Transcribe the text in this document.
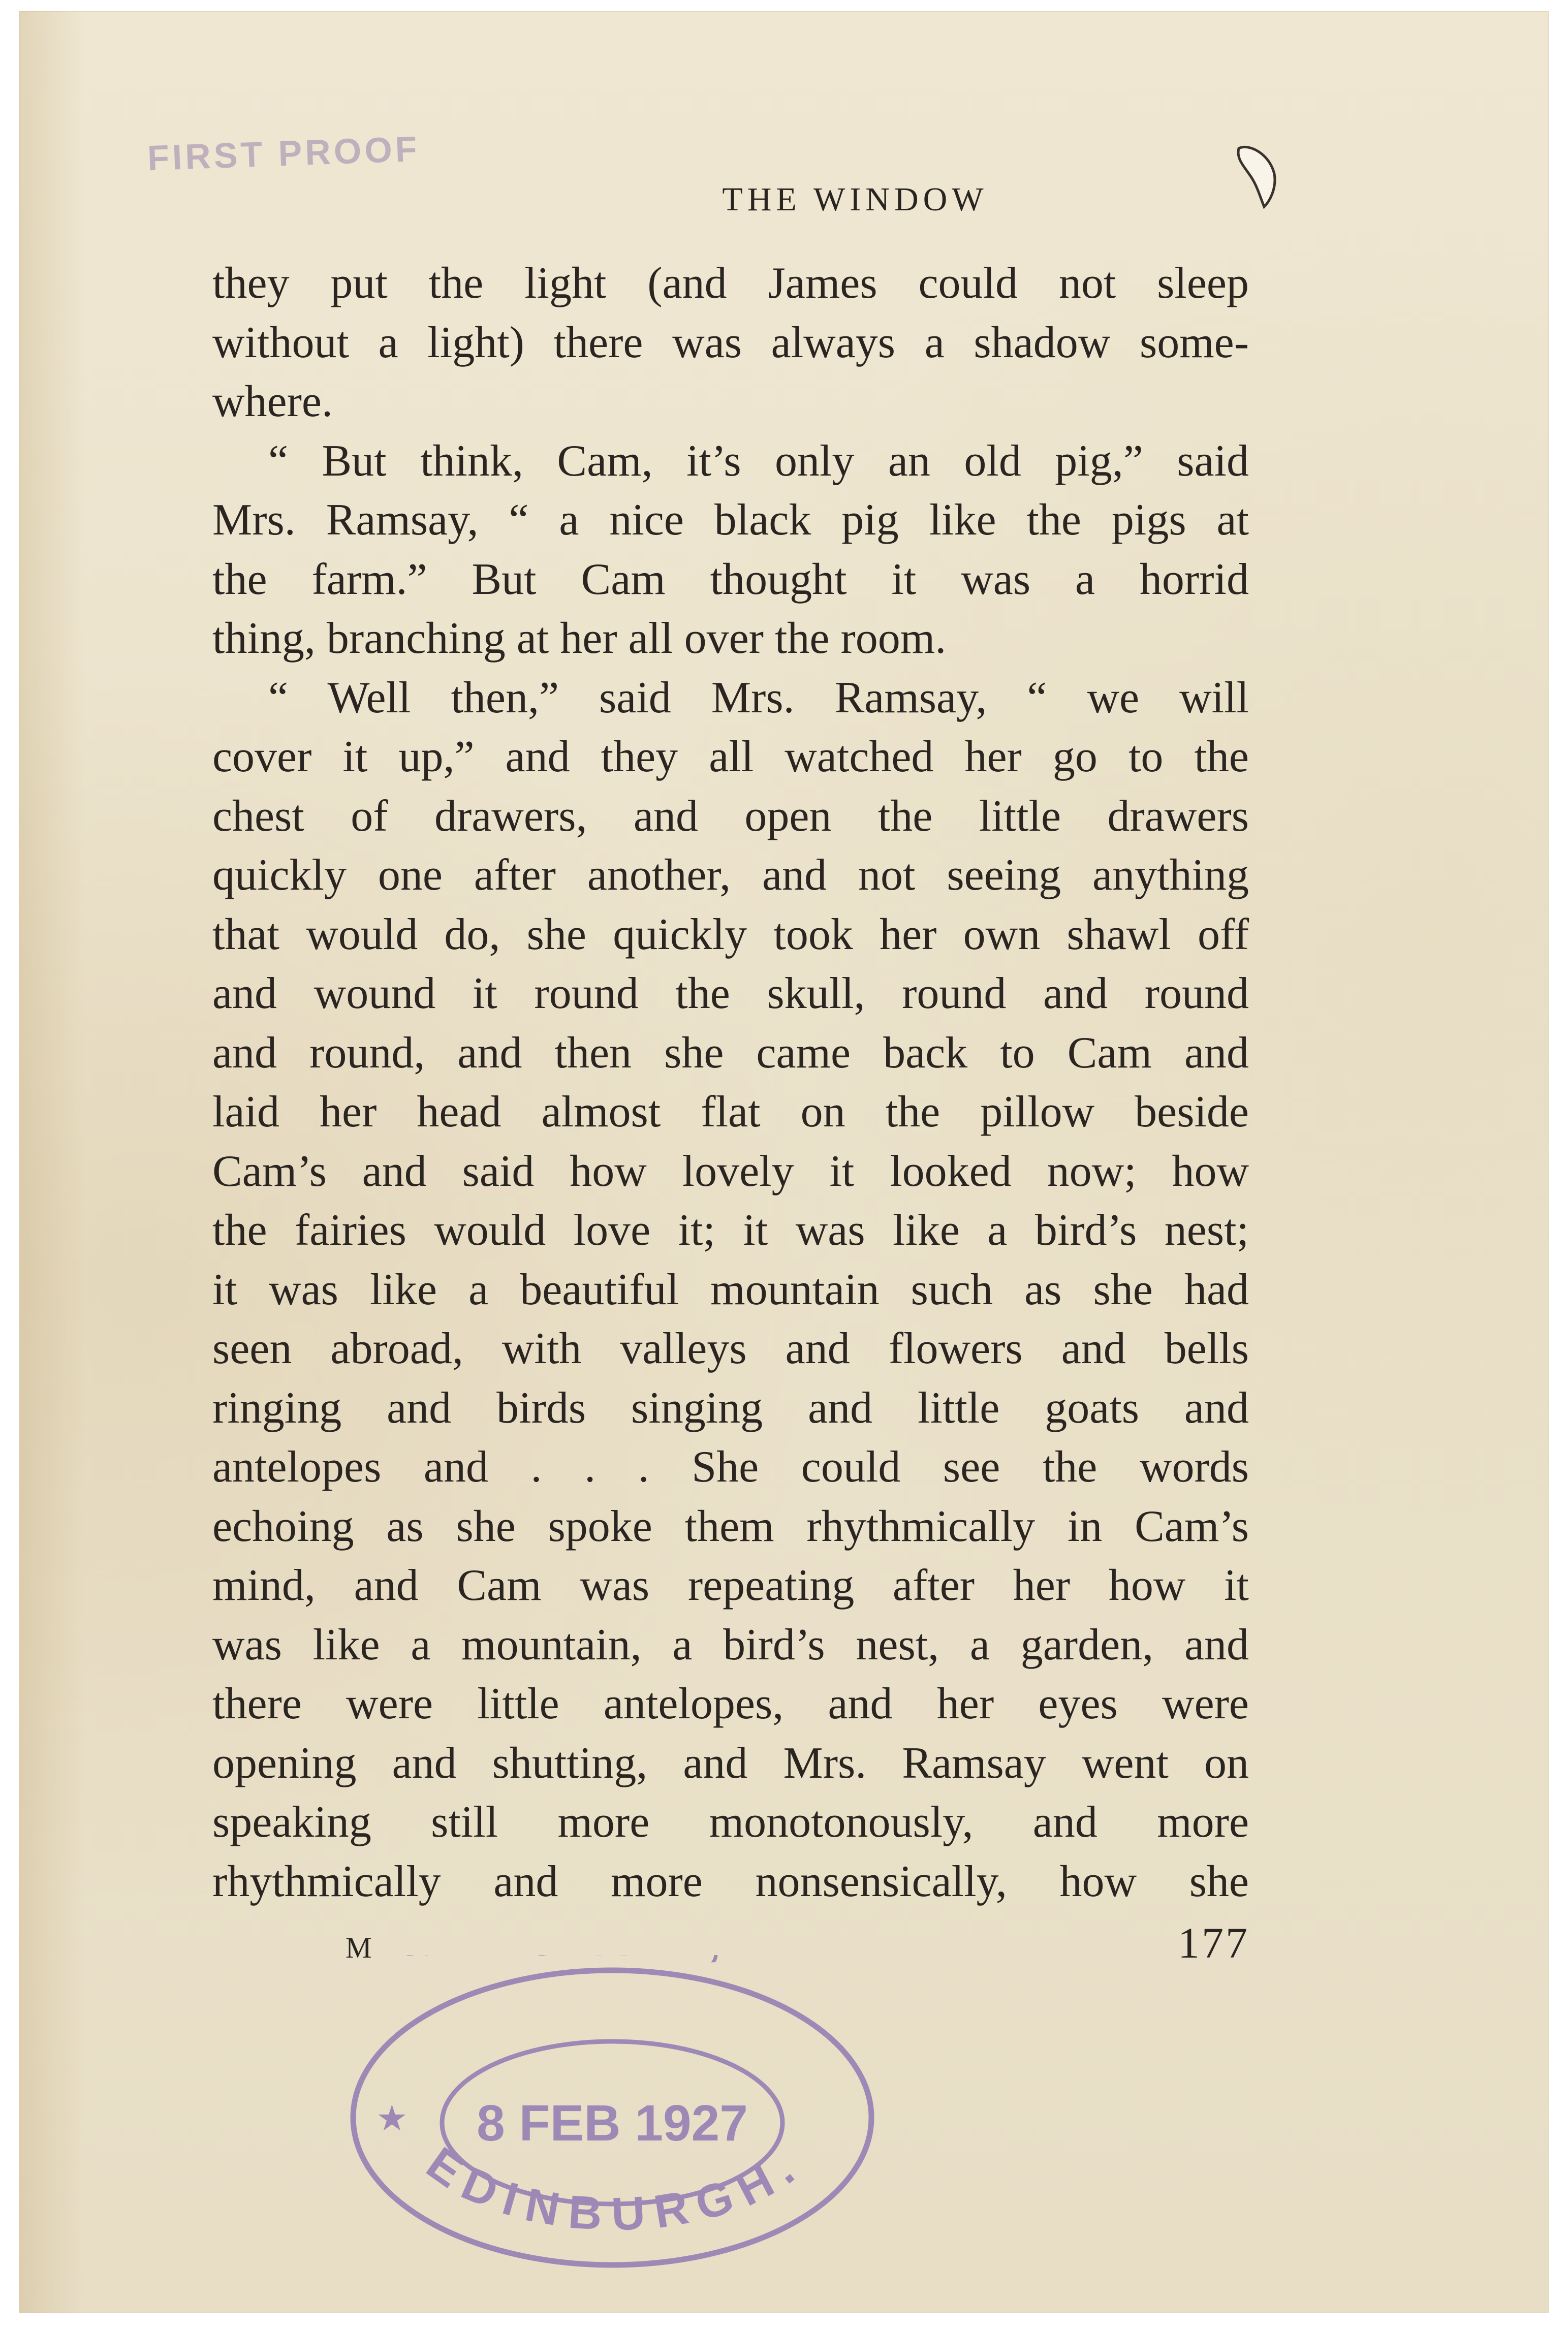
FIRST PROOF
THE WINDOW
they put the light (and James could not sleep
without a light) there was always a shadow some-
where.
“ But think, Cam, it’s only an old pig,” said
Mrs. Ramsay, “ a nice black pig like the pigs at
the farm.” But Cam thought it was a horrid
thing, branching at her all over the room.
“ Well then,” said Mrs. Ramsay, “ we will
cover it up,” and they all watched her go to the
chest of drawers, and open the little drawers
quickly one after another, and not seeing anything
that would do, she quickly took her own shawl off
and wound it round the skull, round and round
and round, and then she came back to Cam and
laid her head almost flat on the pillow beside
Cam’s and said how lovely it looked now; how
the fairies would love it; it was like a bird’s nest;
it was like a beautiful mountain such as she had
seen abroad, with valleys and flowers and bells
ringing and birds singing and little goats and
antelopes and . . . She could see the words
echoing as she spoke them rhythmically in Cam’s
mind, and Cam was repeating after her how it
was like a mountain, a bird’s nest, a garden, and
there were little antelopes, and her eyes were
opening and shutting, and Mrs. Ramsay went on
speaking still more monotonously, and more
rhythmically and more nonsensically, how she
M	177
EDINBURGH.
8 FEB 1927
★
